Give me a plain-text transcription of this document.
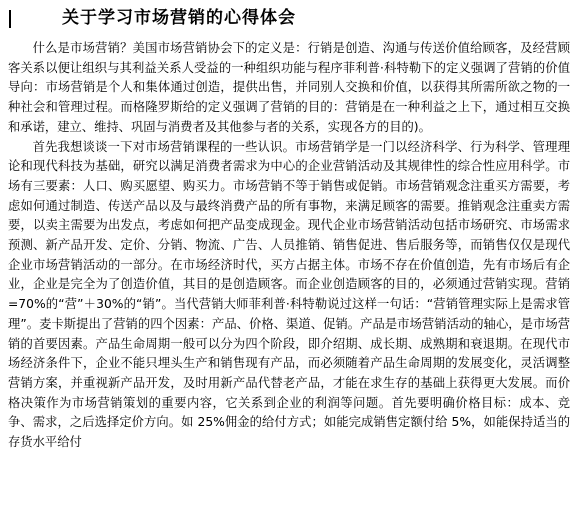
关于学习市场营销的心得体会

什么是市场营销？美国市场营销协会下的定义是：行销是创造、沟通与传送价值给顾客，及经营顾客关系以便让组织与其利益关系人受益的一种组织功能与程序菲利普·科特勒下的定义强调了营销的价值导向：市场营销是个人和集体通过创造，提供出售，并同别人交换和价值，以获得其所需所欲之物的一种社会和管理过程。而格隆罗斯给的定义强调了营销的目的：营销是在一种利益之上下，通过相互交换和承诺，建立、维持、巩固与消费者及其他参与者的关系，实现各方的目的)。

首先我想谈谈一下对市场营销课程的一些认识。市场营销学是一门以经济科学、行为科学、管理理论和现代科技为基础，研究以满足消费者需求为中心的企业营销活动及其规律性的综合性应用科学。市场有三要素：人口、购买愿望、购买力。市场营销不等于销售或促销。市场营销观念注重买方需要，考虑如何通过制造、传送产品以及与最终消费产品的所有事物，来满足顾客的需要。推销观念注重卖方需要，以卖主需要为出发点，考虑如何把产品变成现金。现代企业市场营销活动包括市场研究、市场需求预测、新产品开发、定价、分销、物流、广告、人员推销、销售促进、售后服务等，而销售仅仅是现代企业市场营销活动的一部分。在市场经济时代，买方占据主体。市场不存在价值创造，先有市场后有企业，企业是完全为了创造价值，其目的是创造顾客。而企业创造顾客的目的，必须通过营销实现。营销=70%的“营”＋30%的“销”。当代营销大师菲利普·科特勒说过这样一句话：“营销管理实际上是需求管理”。麦卡斯提出了营销的四个因素：产品、价格、渠道、促销。产品是市场营销活动的轴心，是市场营销的首要因素。产品生命周期一般可以分为四个阶段，即介绍期、成长期、成熟期和衰退期。在现代市场经济条件下，企业不能只埋头生产和销售现有产品，而必须随着产品生命周期的发展变化，灵活调整营销方案，并重视新产品开发，及时用新产品代替老产品，才能在求生存的基础上获得更大发展。而价格决策作为市场营销策划的重要内容，它关系到企业的利润等问题。首先要明确价格目标：成本、竞争、需求，之后选择定价方向。如 25%佣金的给付方式；如能完成销售定额付给 5%，如能保持适当的存货水平给付
